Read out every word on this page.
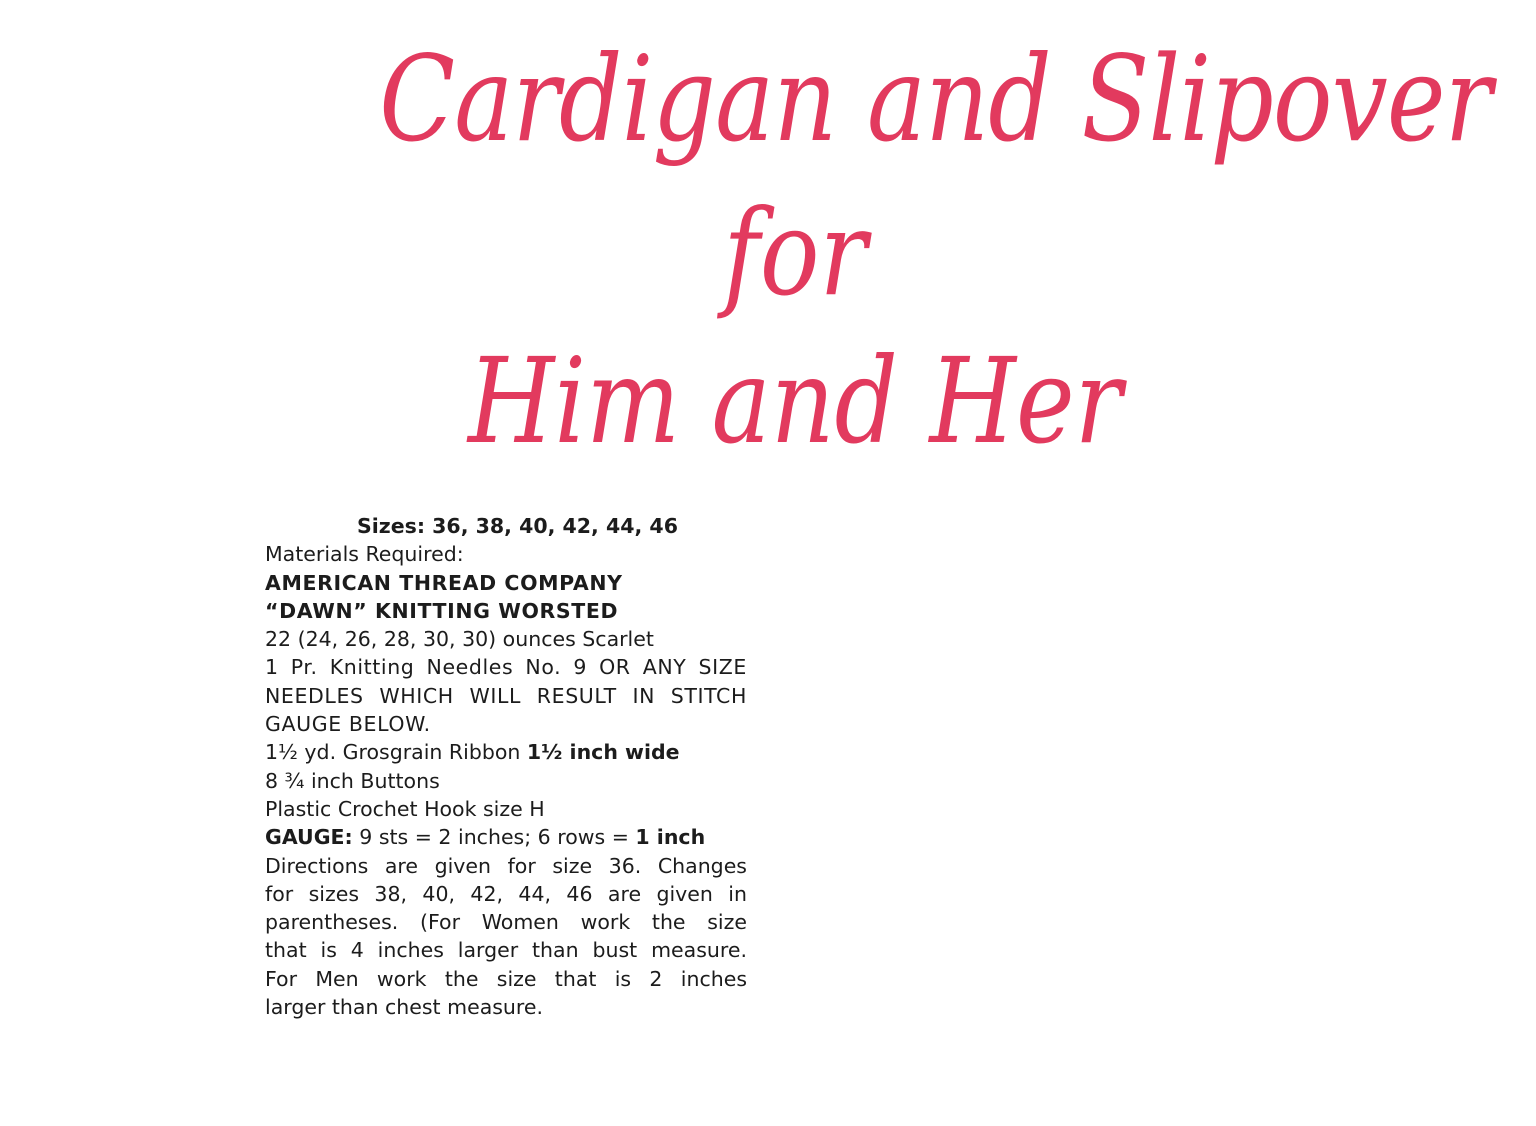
Cardigan and Slipover
for
Him and Her
Sizes: 36, 38, 40, 42, 44, 46
Materials Required:
AMERICAN THREAD COMPANY
“DAWN” KNITTING WORSTED
22 (24, 26, 28, 30, 30) ounces Scarlet
1 Pr. Knitting Needles No. 9 OR ANY SIZE
NEEDLES WHICH WILL RESULT IN STITCH
GAUGE BELOW.
1½ yd. Grosgrain Ribbon 1½ inch wide
8 ¾ inch Buttons
Plastic Crochet Hook size H
GAUGE: 9 sts = 2 inches; 6 rows = 1 inch
Directions are given for size 36. Changes
for sizes 38, 40, 42, 44, 46 are given in
parentheses. (For Women work the size
that is 4 inches larger than bust measure.
For Men work the size that is 2 inches
larger than chest measure.
